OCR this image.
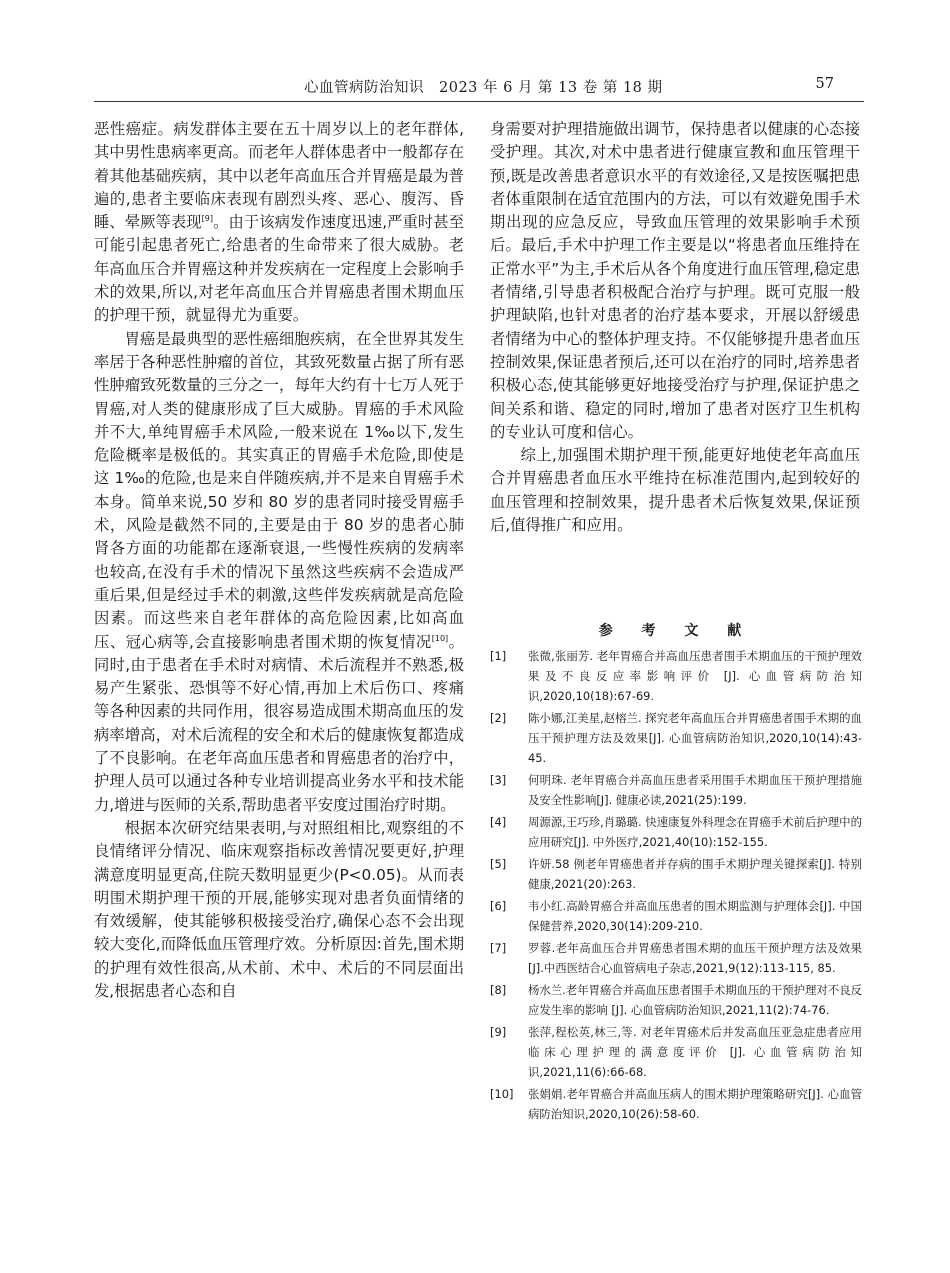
心血管病防治知识　2023 年 6 月 第 13 卷 第 18 期	57

恶性癌症。病发群体主要在五十周岁以上的老年群体,其中男性患病率更高。而老年人群体患者中一般都存在着其他基础疾病，其中以老年高血压合并胃癌是最为普遍的,患者主要临床表现有剧烈头疼、恶心、腹泻、昏睡、晕厥等表现[9]。由于该病发作速度迅速,严重时甚至可能引起患者死亡,给患者的生命带来了很大威胁。老年高血压合并胃癌这种并发疾病在一定程度上会影响手术的效果,所以,对老年高血压合并胃癌患者围术期血压的护理干预，就显得尤为重要。

胃癌是最典型的恶性癌细胞疾病，在全世界其发生率居于各种恶性肿瘤的首位，其致死数量占据了所有恶性肿瘤致死数量的三分之一，每年大约有十七万人死于胃癌,对人类的健康形成了巨大威胁。胃癌的手术风险并不大,单纯胃癌手术风险,一般来说在 1‰以下,发生危险概率是极低的。其实真正的胃癌手术危险,即使是这 1‰的危险,也是来自伴随疾病,并不是来自胃癌手术本身。简单来说,50 岁和 80 岁的患者同时接受胃癌手术，风险是截然不同的,主要是由于 80 岁的患者心肺肾各方面的功能都在逐渐衰退,一些慢性疾病的发病率也较高,在没有手术的情况下虽然这些疾病不会造成严重后果,但是经过手术的刺激,这些伴发疾病就是高危险因素。而这些来自老年群体的高危险因素,比如高血压、冠心病等,会直接影响患者围术期的恢复情况[10]。同时,由于患者在手术时对病情、术后流程并不熟悉,极易产生紧张、恐惧等不好心情,再加上术后伤口、疼痛等各种因素的共同作用，很容易造成围术期高血压的发病率增高，对术后流程的安全和术后的健康恢复都造成了不良影响。在老年高血压患者和胃癌患者的治疗中，护理人员可以通过各种专业培训提高业务水平和技术能力,增进与医师的关系,帮助患者平安度过围治疗时期。

根据本次研究结果表明,与对照组相比,观察组的不良情绪评分情况、临床观察指标改善情况要更好,护理满意度明显更高,住院天数明显更少(P<0.05)。从而表明围术期护理干预的开展,能够实现对患者负面情绪的有效缓解，使其能够积极接受治疗,确保心态不会出现较大变化,而降低血压管理疗效。分析原因:首先,围术期的护理有效性很高,从术前、术中、术后的不同层面出发,根据患者心态和自

身需要对护理措施做出调节，保持患者以健康的心态接受护理。其次,对术中患者进行健康宣教和血压管理干预,既是改善患者意识水平的有效途径,又是按医嘱把患者体重限制在适宜范围内的方法，可以有效避免围手术期出现的应急反应，导致血压管理的效果影响手术预后。最后,手术中护理工作主要是以“将患者血压维持在正常水平”为主,手术后从各个角度进行血压管理,稳定患者情绪,引导患者积极配合治疗与护理。既可克服一般护理缺陷,也针对患者的治疗基本要求，开展以舒缓患者情绪为中心的整体护理支持。不仅能够提升患者血压控制效果,保证患者预后,还可以在治疗的同时,培养患者积极心态,使其能够更好地接受治疗与护理,保证护患之间关系和谐、稳定的同时,增加了患者对医疗卫生机构的专业认可度和信心。

综上,加强围术期护理干预,能更好地使老年高血压合并胃癌患者血压水平维持在标准范围内,起到较好的血压管理和控制效果，提升患者术后恢复效果,保证预后,值得推广和应用。

参 考 文 献
[1] 张微,张丽芳. 老年胃癌合并高血压患者围手术期血压的干预护理效果及不良反应率影响评价 [J]. 心血管病防治知识,2020,10(18):67-69.
[2] 陈小娜,江美星,赵榕兰. 探究老年高血压合并胃癌患者围手术期的血压干预护理方法及效果[J]. 心血管病防治知识,2020,10(14):43-45.
[3] 何明珠. 老年胃癌合并高血压患者采用围手术期血压干预护理措施及安全性影响[J]. 健康必读,2021(25):199.
[4] 周源源,王巧珍,肖璐璐. 快速康复外科理念在胃癌手术前后护理中的应用研究[J]. 中外医疗,2021,40(10):152-155.
[5] 许妍.58 例老年胃癌患者并存病的围手术期护理关键探索[J]. 特别健康,2021(20):263.
[6] 韦小红.高龄胃癌合并高血压患者的围术期监测与护理体会[J]. 中国保健营养,2020,30(14):209-210.
[7] 罗蓉.老年高血压合并胃癌患者围术期的血压干预护理方法及效果[J].中西医结合心血管病电子杂志,2021,9(12):113-115, 85.
[8] 杨水兰.老年胃癌合并高血压患者围手术期血压的干预护理对不良反应发生率的影响 [J]. 心血管病防治知识,2021,11(2):74-76.
[9] 张萍,程松英,林三,等. 对老年胃癌术后并发高血压亚急症患者应用临床心理护理的满意度评价 [J]. 心血管病防治知识,2021,11(6):66-68.
[10] 张娟娟.老年胃癌合并高血压病人的围术期护理策略研究[J]. 心血管病防治知识,2020,10(26):58-60.
